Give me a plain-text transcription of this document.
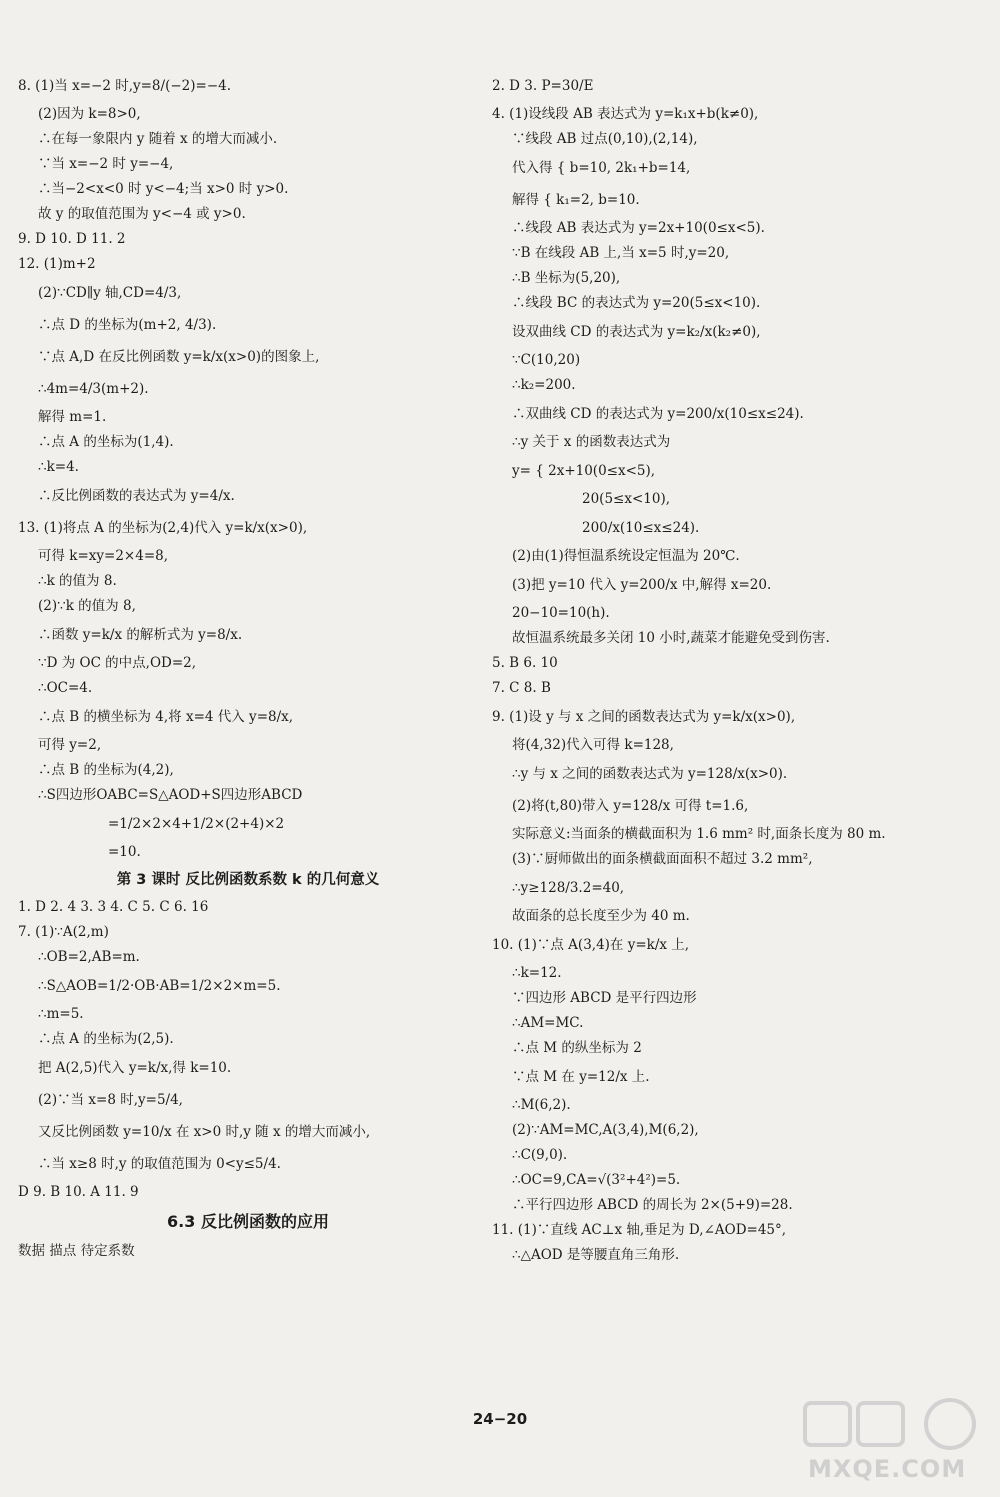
8. (1)当 x=−2 时,y=8/(−2)=−4.
(2)因为 k=8>0,
∴在每一象限内 y 随着 x 的增大而减小.
∵当 x=−2 时 y=−4,
∴当−2<x<0 时 y<−4;当 x>0 时 y>0.
故 y 的取值范围为 y<−4 或 y>0.
9. D 10. D 11. 2
12. (1)m+2
(2)∵CD∥y 轴,CD=4/3,
∴点 D 的坐标为(m+2, 4/3).
∵点 A,D 在反比例函数 y=k/x(x>0)的图象上,
∴4m=4/3(m+2).
解得 m=1.
∴点 A 的坐标为(1,4).
∴k=4.
∴反比例函数的表达式为 y=4/x.
13. (1)将点 A 的坐标为(2,4)代入 y=k/x(x>0),
可得 k=xy=2×4=8,
∴k 的值为 8.
(2)∵k 的值为 8,
∴函数 y=k/x 的解析式为 y=8/x.
∵D 为 OC 的中点,OD=2,
∴OC=4.
∴点 B 的横坐标为 4,将 x=4 代入 y=8/x,
可得 y=2,
∴点 B 的坐标为(4,2),
∴S四边形OABC=S△AOD+S四边形ABCD
=1/2×2×4+1/2×(2+4)×2
=10.
第 3 课时 反比例函数系数 k 的几何意义
1. D 2. 4 3. 3 4. C 5. C 6. 16
7. (1)∵A(2,m)
∴OB=2,AB=m.
∴S△AOB=1/2·OB·AB=1/2×2×m=5.
∴m=5.
∴点 A 的坐标为(2,5).
把 A(2,5)代入 y=k/x,得 k=10.
(2)∵当 x=8 时,y=5/4,
又反比例函数 y=10/x 在 x>0 时,y 随 x 的增大而减小,
∴当 x≥8 时,y 的取值范围为 0<y≤5/4.
D 9. B 10. A 11. 9
6.3 反比例函数的应用
数据 描点 待定系数
2. D 3. P=30/E
4. (1)设线段 AB 表达式为 y=k₁x+b(k≠0),
∵线段 AB 过点(0,10),(2,14),
代入得 { b=10, 2k₁+b=14,
解得 { k₁=2, b=10.
∴线段 AB 表达式为 y=2x+10(0≤x<5).
∵B 在线段 AB 上,当 x=5 时,y=20,
∴B 坐标为(5,20),
∴线段 BC 的表达式为 y=20(5≤x<10).
设双曲线 CD 的表达式为 y=k₂/x(k₂≠0),
∵C(10,20)
∴k₂=200.
∴双曲线 CD 的表达式为 y=200/x(10≤x≤24).
∴y 关于 x 的函数表达式为
y= { 2x+10(0≤x<5),
20(5≤x<10),
200/x(10≤x≤24).
(2)由(1)得恒温系统设定恒温为 20℃.
(3)把 y=10 代入 y=200/x 中,解得 x=20.
20−10=10(h).
故恒温系统最多关闭 10 小时,蔬菜才能避免受到伤害.
5. B 6. 10
7. C 8. B
9. (1)设 y 与 x 之间的函数表达式为 y=k/x(x>0),
将(4,32)代入可得 k=128,
∴y 与 x 之间的函数表达式为 y=128/x(x>0).
(2)将(t,80)带入 y=128/x 可得 t=1.6,
实际意义:当面条的横截面积为 1.6 mm² 时,面条长度为 80 m.
(3)∵厨师做出的面条横截面面积不超过 3.2 mm²,
∴y≥128/3.2=40,
故面条的总长度至少为 40 m.
10. (1)∵点 A(3,4)在 y=k/x 上,
∴k=12.
∵四边形 ABCD 是平行四边形
∴AM=MC.
∴点 M 的纵坐标为 2
∵点 M 在 y=12/x 上.
∴M(6,2).
(2)∵AM=MC,A(3,4),M(6,2),
∴C(9,0).
∴OC=9,CA=√(3²+4²)=5.
∴平行四边形 ABCD 的周长为 2×(5+9)=28.
11. (1)∵直线 AC⊥x 轴,垂足为 D,∠AOD=45°,
∴△AOD 是等腰直角三角形.
24−20
MXQE.COM
